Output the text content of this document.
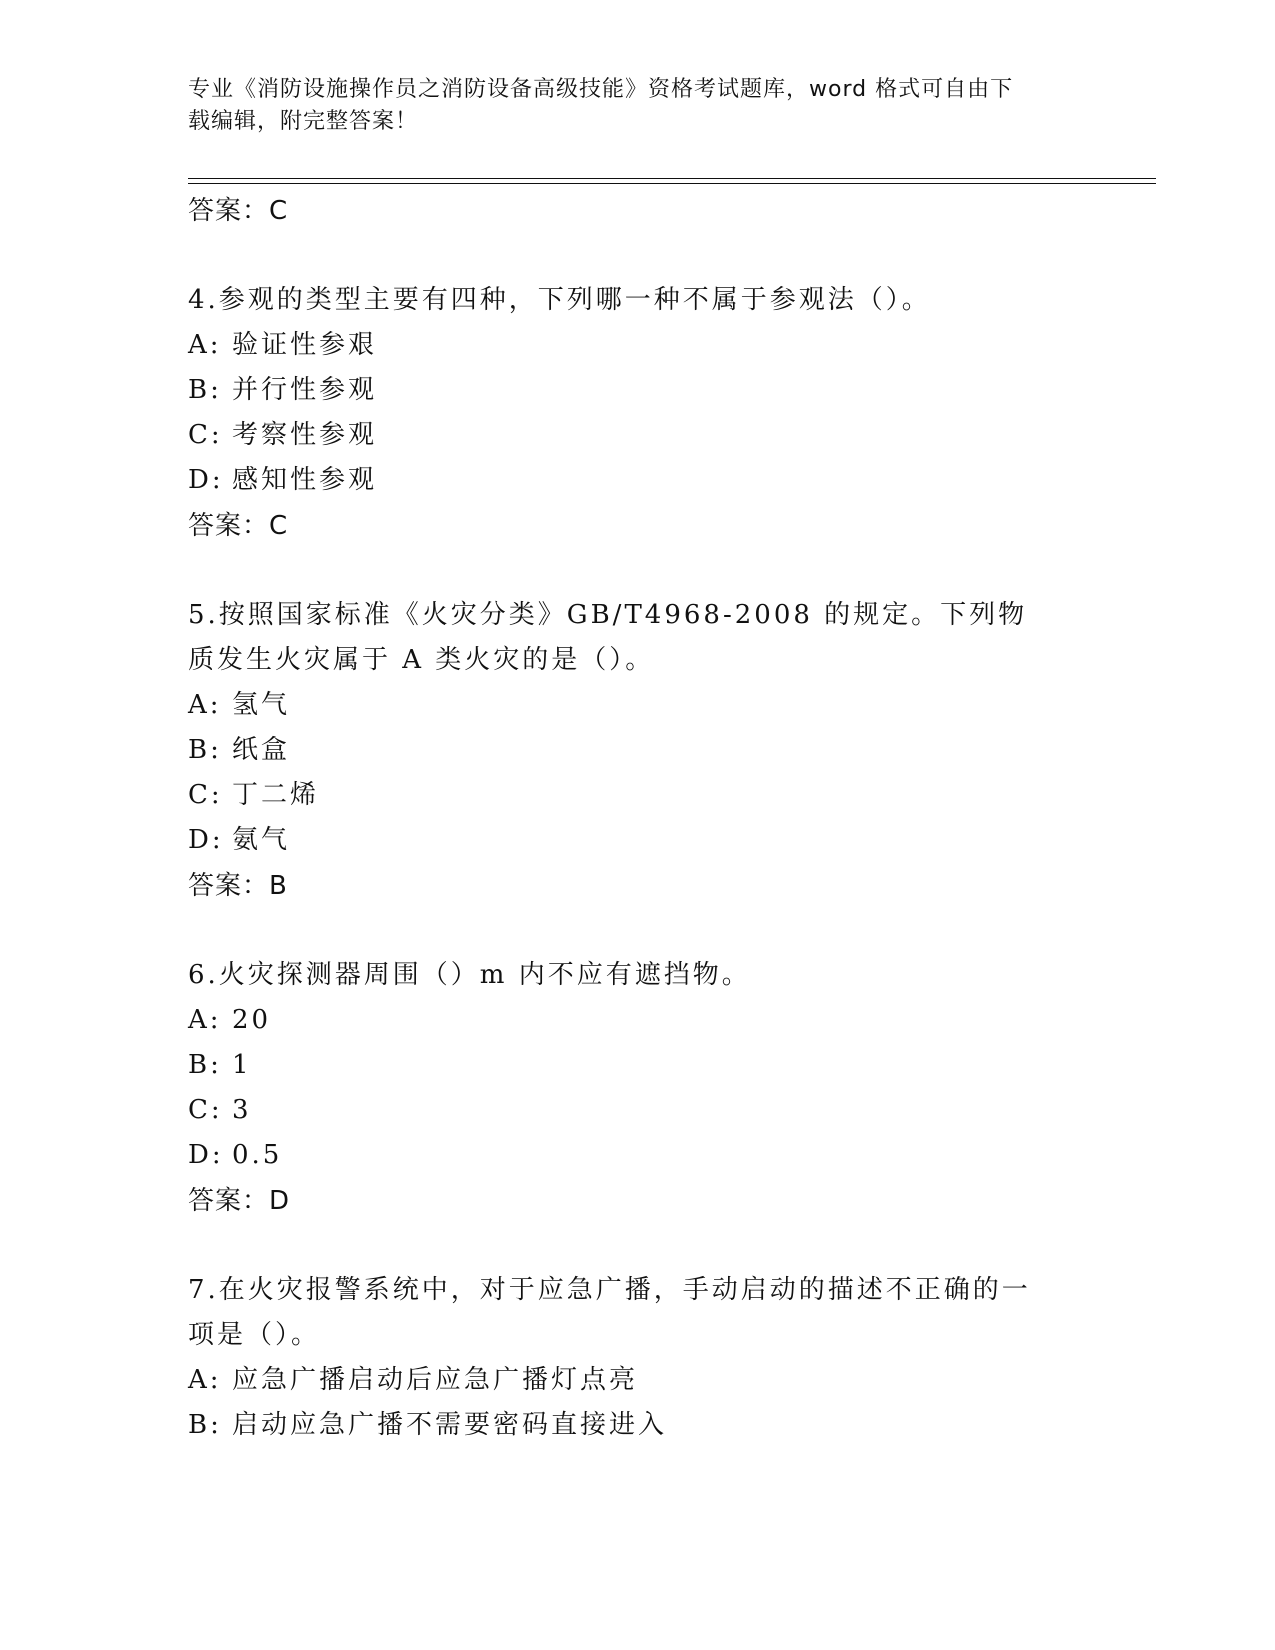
专业《消防设施操作员之消防设备高级技能》资格考试题库，word 格式可自由下
载编辑，附完整答案！
答案：C
4.参观的类型主要有四种，下列哪一种不属于参观法（）。
A: 验证性参艰
B: 并行性参观
C: 考察性参观
D: 感知性参观
答案：C
5.按照国家标准《火灾分类》GB/T4968-2008 的规定。下列物质发生火灾属于 A 类火灾的是（）。
A: 氢气
B: 纸盒
C: 丁二烯
D: 氨气
答案：B
6.火灾探测器周围（）m 内不应有遮挡物。
A: 20
B: 1
C: 3
D: 0.5
答案：D
7.在火灾报警系统中，对于应急广播，手动启动的描述不正确的一项是（）。
A: 应急广播启动后应急广播灯点亮
B: 启动应急广播不需要密码直接进入
